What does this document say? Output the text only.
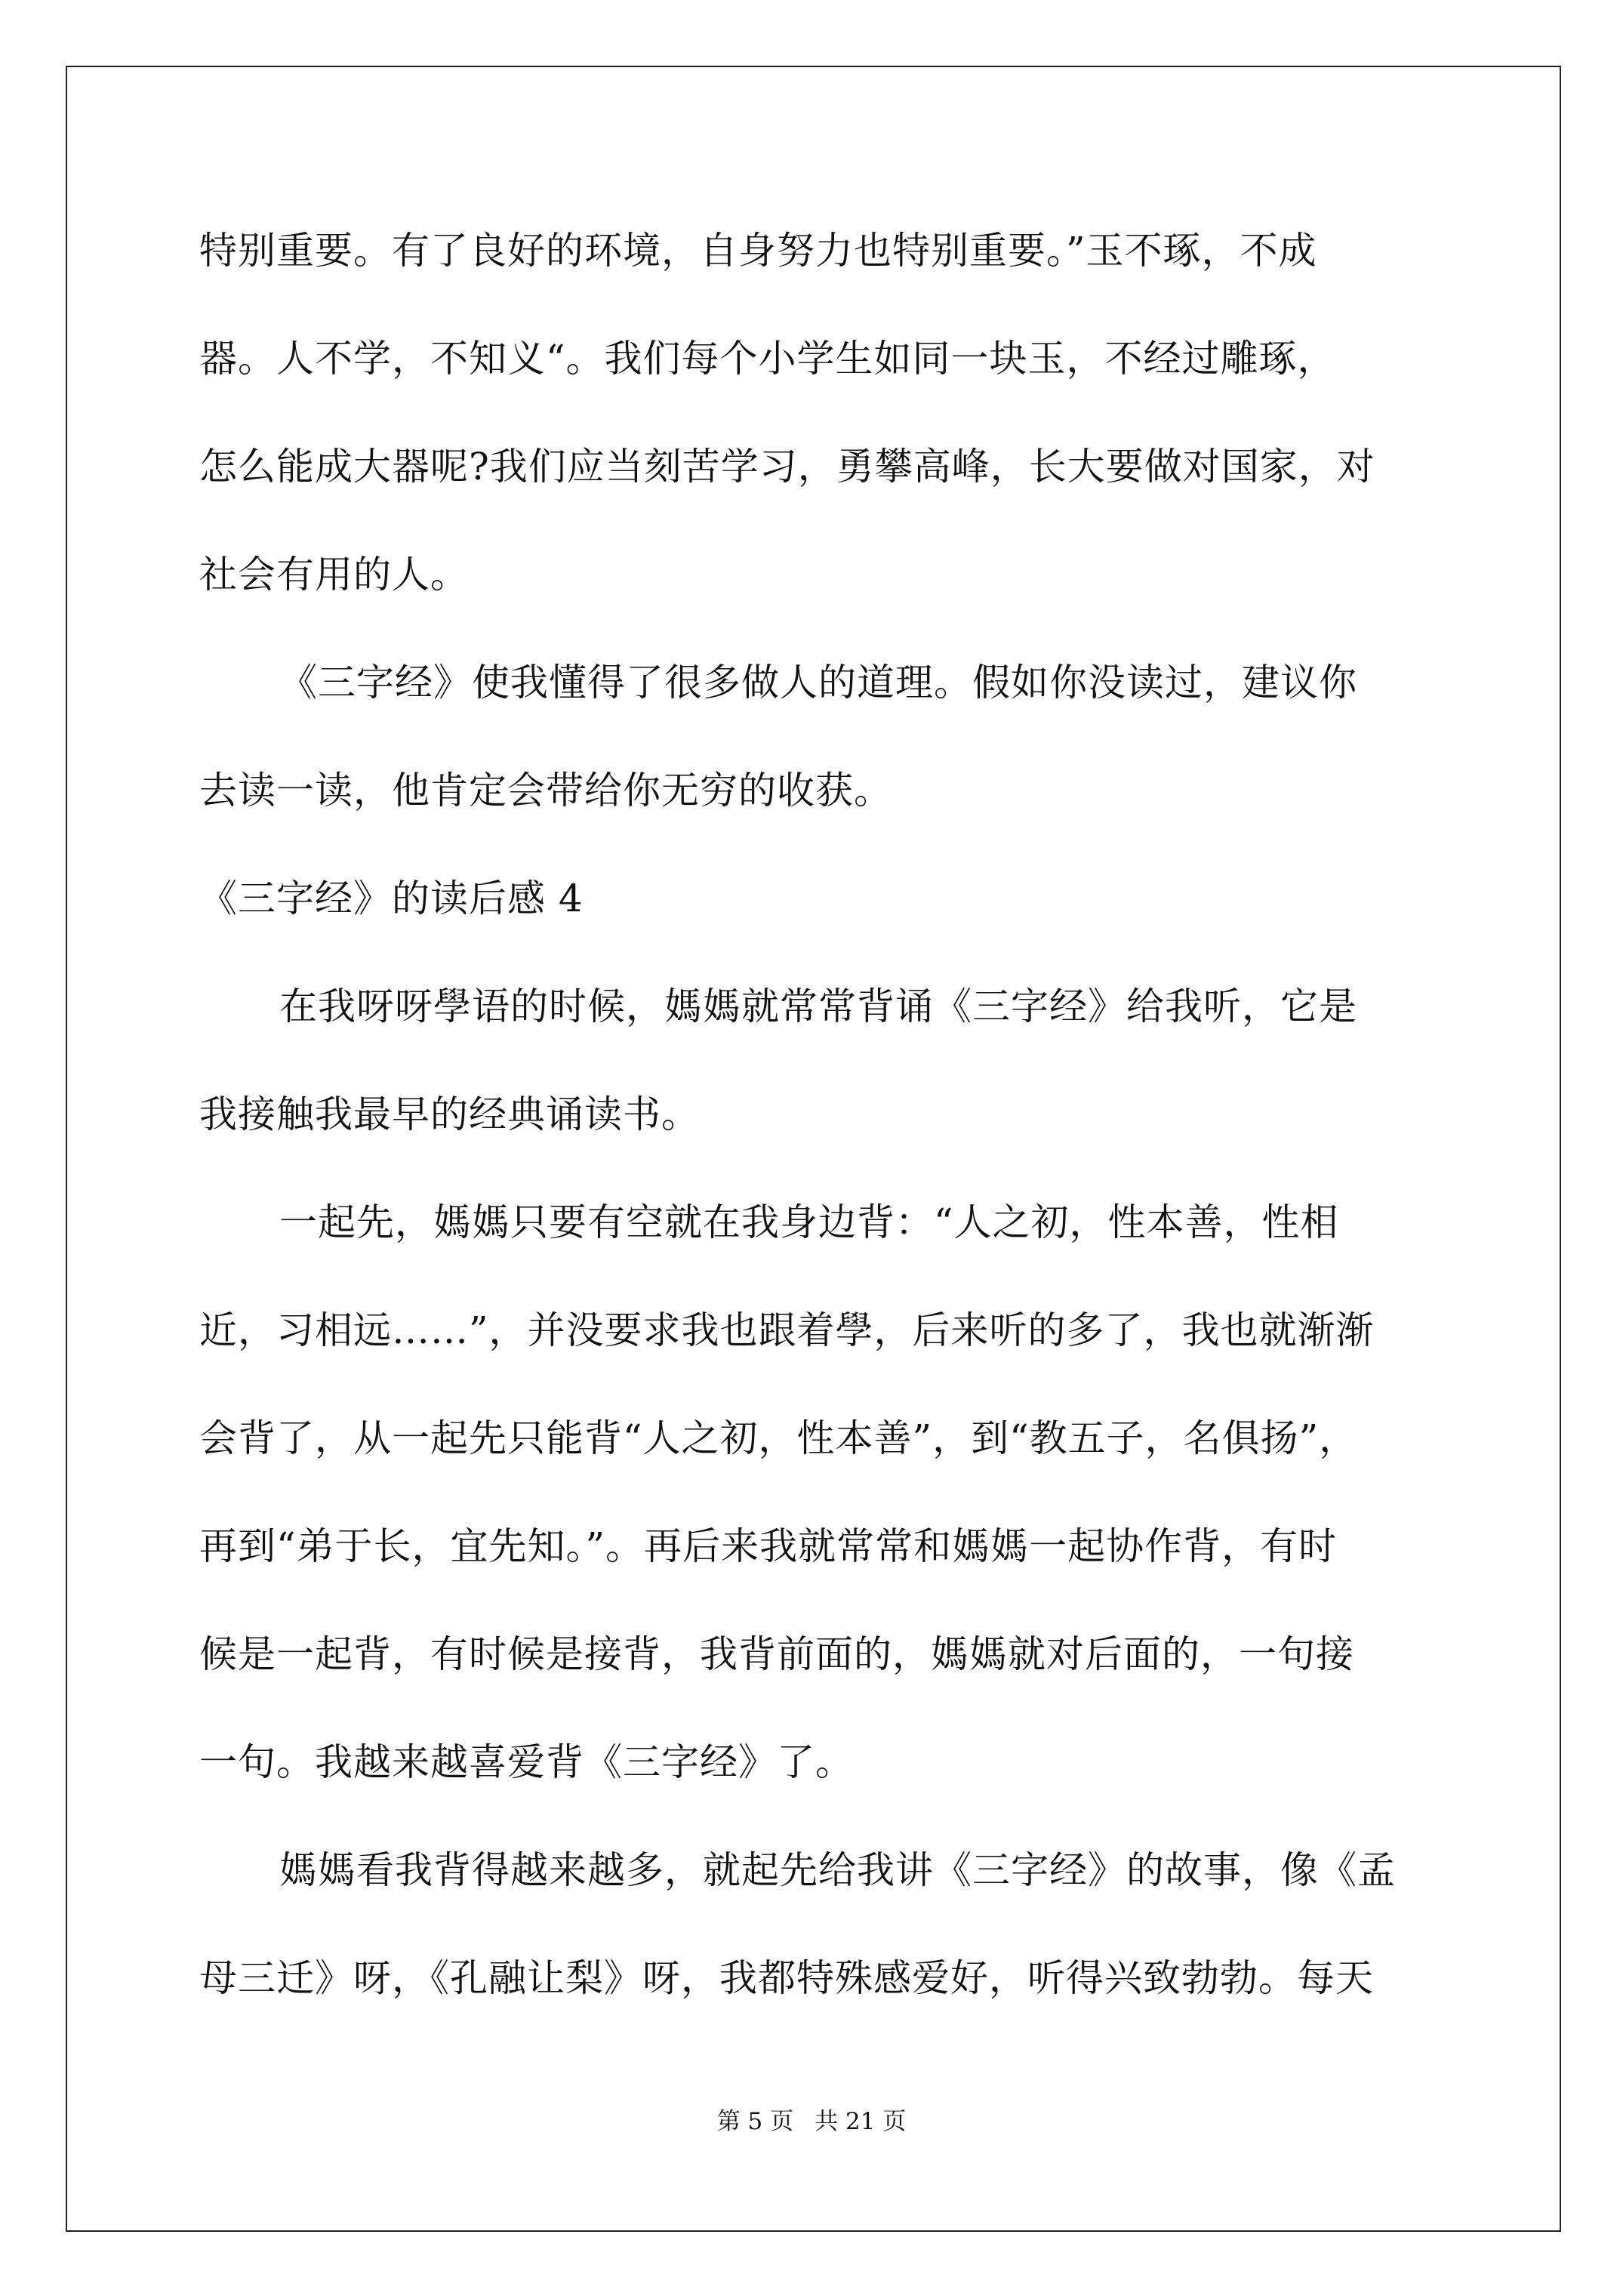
特别重要。有了良好的环境，自身努力也特别重要。”玉不琢，不成
器。人不学，不知义“。我们每个小学生如同一块玉，不经过雕琢，
怎么能成大器呢?我们应当刻苦学习，勇攀高峰，长大要做对国家，对
社会有用的人。
《三字经》使我懂得了很多做人的道理。假如你没读过，建议你
去读一读，他肯定会带给你无穷的收获。
《三字经》的读后感 4
在我呀呀學语的时候，媽媽就常常背诵《三字经》给我听，它是
我接触我最早的经典诵读书。
一起先，媽媽只要有空就在我身边背：“人之初，性本善，性相
近，习相远……”，并没要求我也跟着學，后来听的多了，我也就渐渐
会背了，从一起先只能背“人之初，性本善”，到“教五子，名俱扬”，
再到“弟于长，宜先知。”。再后来我就常常和媽媽一起协作背，有时
候是一起背，有时候是接背，我背前面的，媽媽就对后面的，一句接
一句。我越来越喜爱背《三字经》了。
媽媽看我背得越来越多，就起先给我讲《三字经》的故事，像《孟
母三迁》呀，《孔融让梨》呀，我都特殊感爱好，听得兴致勃勃。每天
第 5 页 共 21 页
